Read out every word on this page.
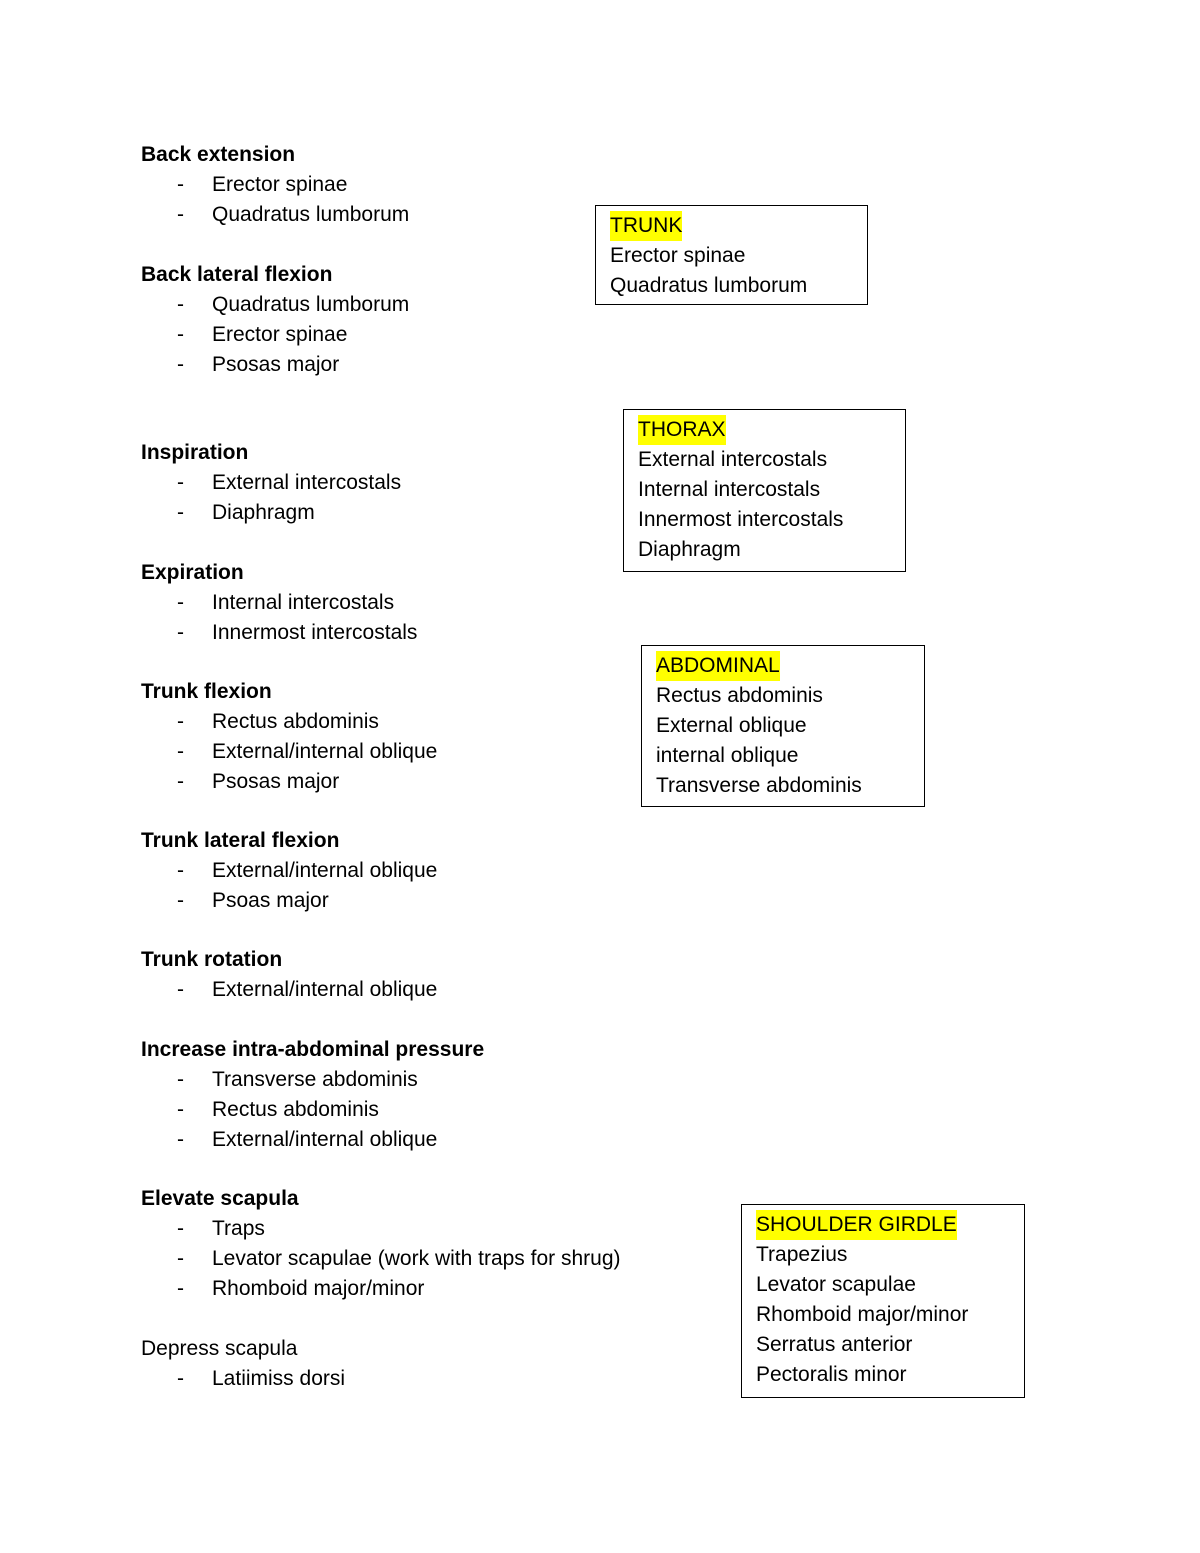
Back extension
- Erector spinae
- Quadratus lumborum
Back lateral flexion
- Quadratus lumborum
- Erector spinae
- Psosas major
Inspiration
- External intercostals
- Diaphragm
Expiration
- Internal intercostals
- Innermost intercostals
Trunk flexion
- Rectus abdominis
- External/internal oblique
- Psosas major
Trunk lateral flexion
- External/internal oblique
- Psoas major
Trunk rotation
- External/internal oblique
Increase intra-abdominal pressure
- Transverse abdominis
- Rectus abdominis
- External/internal oblique
Elevate scapula
- Traps
- Levator scapulae (work with traps for shrug)
- Rhomboid major/minor
Depress scapula
- Latiimiss dorsi
TRUNK
Erector spinae
Quadratus lumborum
THORAX
External intercostals
Internal intercostals
Innermost intercostals
Diaphragm
ABDOMINAL
Rectus abdominis
External oblique
internal oblique
Transverse abdominis
SHOULDER GIRDLE
Trapezius
Levator scapulae
Rhomboid major/minor
Serratus anterior
Pectoralis minor
